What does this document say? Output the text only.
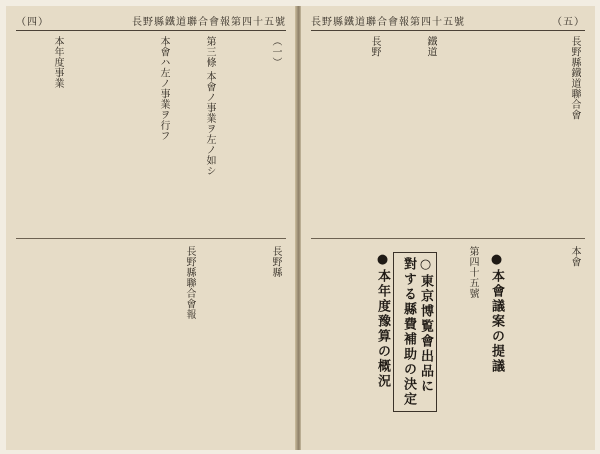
（四）	長野縣鐵道聯合會報第四十五號
（一）
第三條 本會ノ事業ヲ左ノ如シ
本會ハ左ノ事業ヲ行フ
本年度事業
長野縣
長野縣聯合會報
長野縣鐵道聯合會報第四十五號	（五）
長野縣鐵道聯合會
鐵道
長野
本會
●本會議案の提議
第四十五號
○東京博覧會出品に對する縣費補助の決定
●本年度豫算の概況
